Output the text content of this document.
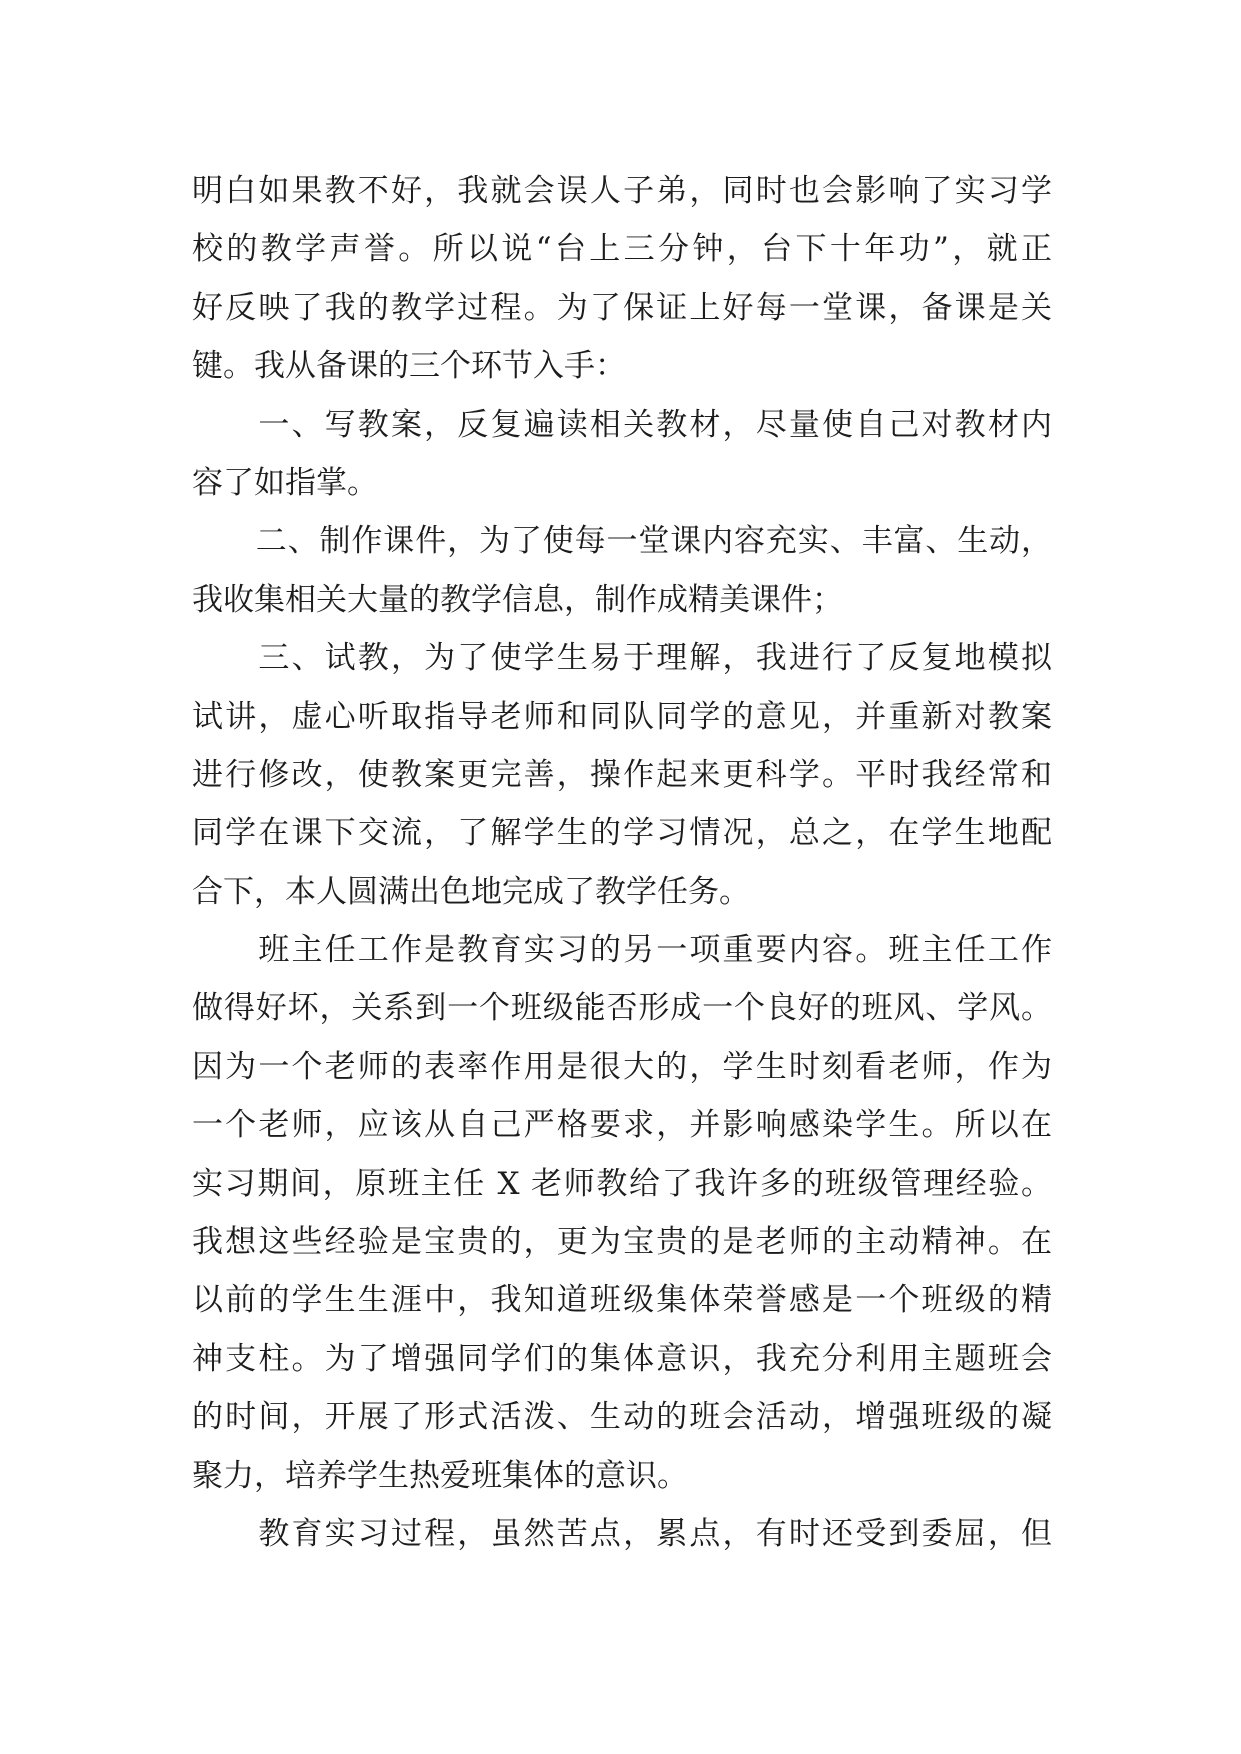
明白如果教不好，我就会误人子弟，同时也会影响了实习学
校的教学声誉。所以说“台上三分钟，台下十年功”，就正
好反映了我的教学过程。为了保证上好每一堂课，备课是关
键。我从备课的三个环节入手：
　　一、写教案，反复遍读相关教材，尽量使自己对教材内
容了如指掌。
　　二、制作课件，为了使每一堂课内容充实、丰富、生动，
我收集相关大量的教学信息，制作成精美课件；
　　三、试教，为了使学生易于理解，我进行了反复地模拟
试讲，虚心听取指导老师和同队同学的意见，并重新对教案
进行修改，使教案更完善，操作起来更科学。平时我经常和
同学在课下交流，了解学生的学习情况，总之，在学生地配
合下，本人圆满出色地完成了教学任务。
　　班主任工作是教育实习的另一项重要内容。班主任工作
做得好坏，关系到一个班级能否形成一个良好的班风、学风。
因为一个老师的表率作用是很大的，学生时刻看老师，作为
一个老师，应该从自己严格要求，并影响感染学生。所以在
实习期间，原班主任 X 老师教给了我许多的班级管理经验。
我想这些经验是宝贵的，更为宝贵的是老师的主动精神。在
以前的学生生涯中，我知道班级集体荣誉感是一个班级的精
神支柱。为了增强同学们的集体意识，我充分利用主题班会
的时间，开展了形式活泼、生动的班会活动，增强班级的凝
聚力，培养学生热爱班集体的意识。
　　教育实习过程，虽然苦点，累点，有时还受到委屈，但
